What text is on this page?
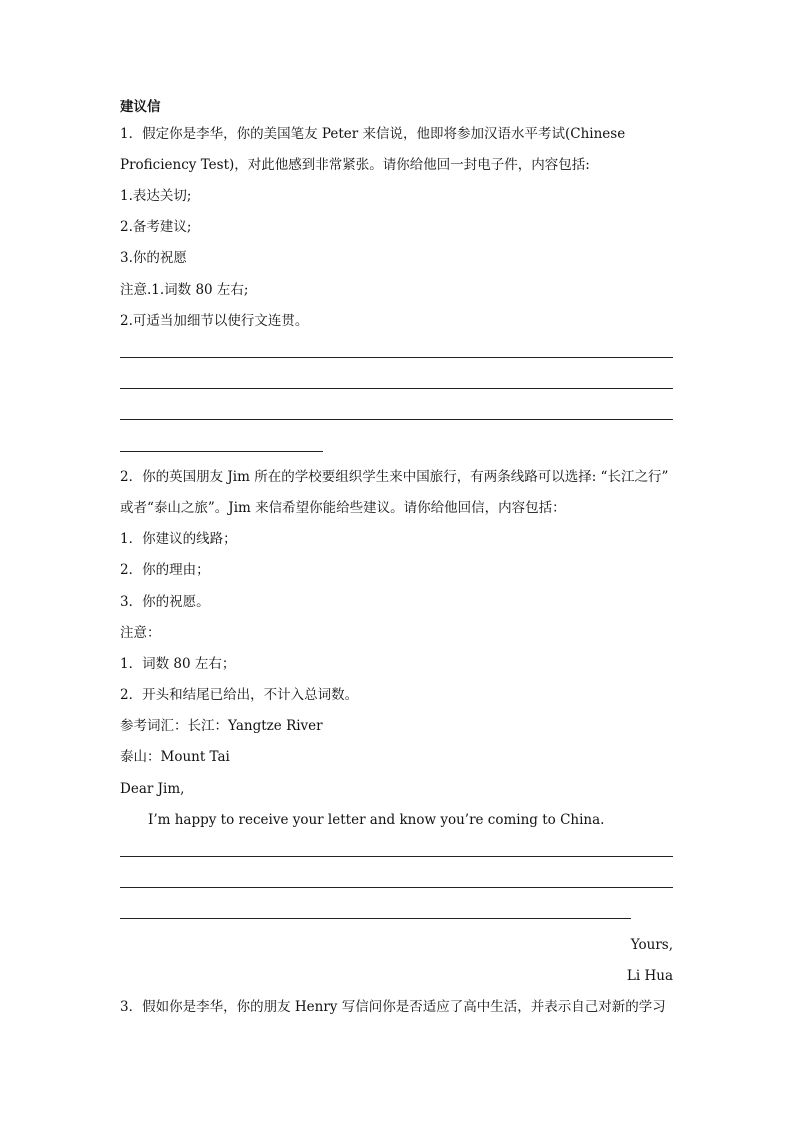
建议信
1．假定你是李华，你的美国笔友 Peter 来信说，他即将参加汉语水平考试(Chinese
Proficiency Test)，对此他感到非常紧张。请你给他回一封电子件，内容包括:
1.表达关切;
2.备考建议;
3.你的祝愿
注意.1.词数 80 左右;
2.可适当加细节以使行文连贯。
2．你的英国朋友 Jim 所在的学校要组织学生来中国旅行，有两条线路可以选择: “长江之行”
或者“泰山之旅”。Jim 来信希望你能给些建议。请你给他回信，内容包括：
1．你建议的线路；
2．你的理由；
3．你的祝愿。
注意：
1．词数 80 左右；
2．开头和结尾已给出，不计入总词数。
参考词汇：长江：Yangtze River
泰山：Mount Tai
Dear Jim,
I’m happy to receive your letter and know you’re coming to China.
Yours,
Li Hua
3．假如你是李华，你的朋友 Henry 写信问你是否适应了高中生活，并表示自己对新的学习
